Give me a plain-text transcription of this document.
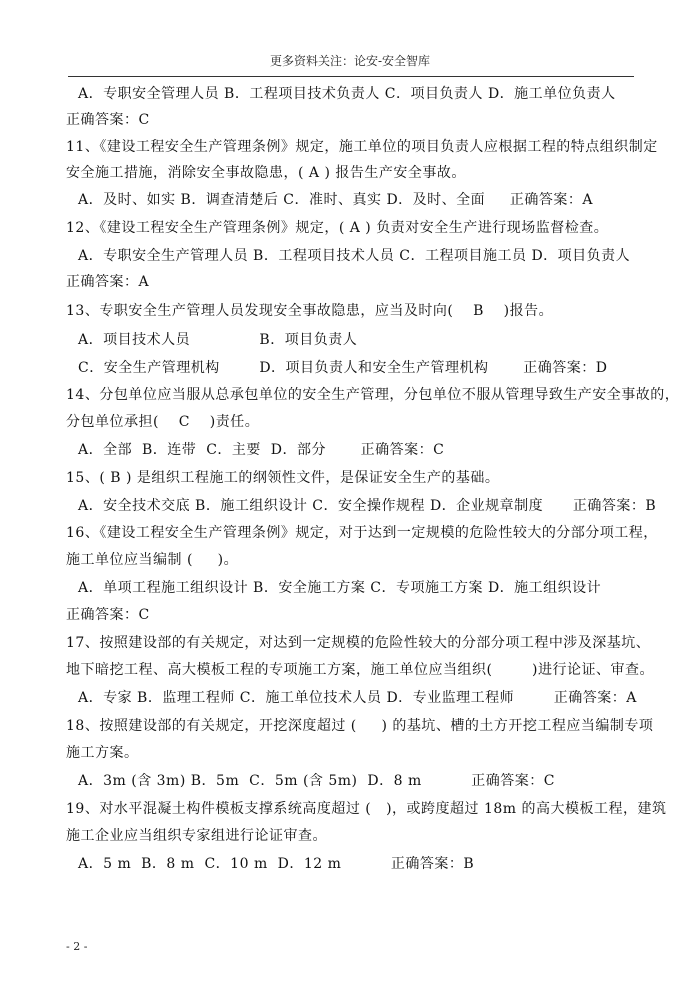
更多资料关注：论安-安全智库
A．专职安全管理人员 B．工程项目技术负责人 C．项目负责人 D．施工单位负责人
正确答案：C
11、《建设工程安全生产管理条例》规定，施工单位的项目负责人应根据工程的特点组织制定
安全施工措施，消除安全事故隐患，( A ) 报告生产安全事故。
A．及时、如实 B．调查清楚后 C．准时、真实 D．及时、全面     正确答案：A
12、《建设工程安全生产管理条例》规定，( A ) 负责对安全生产进行现场监督检查。
A．专职安全生产管理人员 B．工程项目技术人员 C．工程项目施工员 D．项目负责人
正确答案：A
13、专职安全生产管理人员发现安全事故隐患，应当及时向(    B    )报告。
A．项目技术人员              B．项目负责人
C．安全生产管理机构        D．项目负责人和安全生产管理机构       正确答案：D
14、分包单位应当服从总承包单位的安全生产管理，分包单位不服从管理导致生产安全事故的，
分包单位承担(    C    )责任。
A．全部  B．连带  C．主要  D．部分       正确答案：C
15、( B ) 是组织工程施工的纲领性文件，是保证安全生产的基础。
A．安全技术交底 B．施工组织设计 C．安全操作规程 D．企业规章制度      正确答案：B
16、《建设工程安全生产管理条例》规定，对于达到一定规模的危险性较大的分部分项工程，
施工单位应当编制 (     )。
A．单项工程施工组织设计 B．安全施工方案 C．专项施工方案 D．施工组织设计
正确答案：C
17、按照建设部的有关规定，对达到一定规模的危险性较大的分部分项工程中涉及深基坑、
地下暗挖工程、高大模板工程的专项施工方案，施工单位应当组织(        )进行论证、审查。
A．专家 B．监理工程师 C．施工单位技术人员 D．专业监理工程师        正确答案：A
18、按照建设部的有关规定，开挖深度超过 (     ) 的基坑、槽的土方开挖工程应当编制专项
施工方案。
A．3m (含 3m) B．5m  C．5m (含 5m)  D．8 m          正确答案：C
19、对水平混凝土构件模板支撑系统高度超过 (   )，或跨度超过 18m 的高大模板工程，建筑
施工企业应当组织专家组进行论证审查。
A．5 m  B．8 m  C．10 m  D．12 m          正确答案：B
- 2 -
